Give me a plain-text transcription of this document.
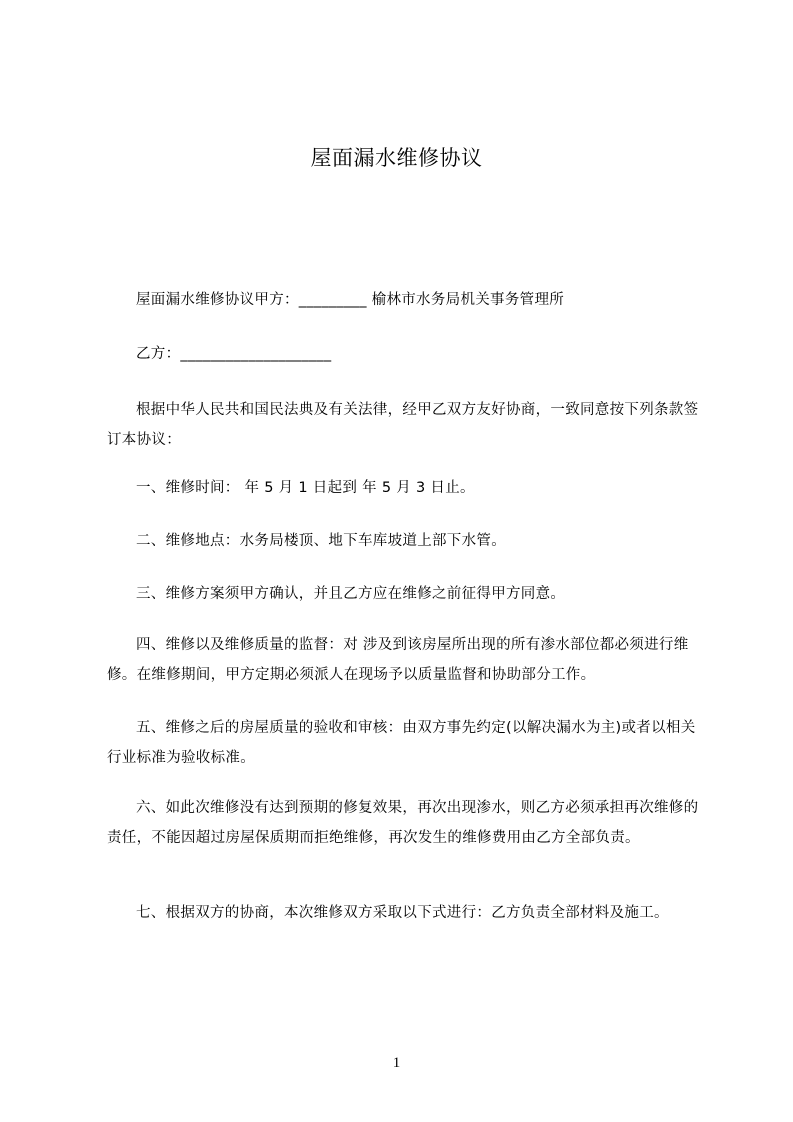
屋面漏水维修协议
屋面漏水维修协议甲方：_________ 榆林市水务局机关事务管理所
乙方：____________________
根据中华人民共和国民法典及有关法律，经甲乙双方友好协商，一致同意按下列条款签订本协议：
一、维修时间： 年 5 月 1 日起到 年 5 月 3 日止。
二、维修地点：水务局楼顶、地下车库坡道上部下水管。
三、维修方案须甲方确认，并且乙方应在维修之前征得甲方同意。
四、维修以及维修质量的监督：对 涉及到该房屋所出现的所有渗水部位都必须进行维修。在维修期间，甲方定期必须派人在现场予以质量监督和协助部分工作。
五、维修之后的房屋质量的验收和审核：由双方事先约定(以解决漏水为主)或者以相关行业标准为验收标准。
六、如此次维修没有达到预期的修复效果，再次出现渗水，则乙方必须承担再次维修的责任，不能因超过房屋保质期而拒绝维修，再次发生的维修费用由乙方全部负责。
七、根据双方的协商，本次维修双方采取以下式进行：乙方负责全部材料及施工。
1
